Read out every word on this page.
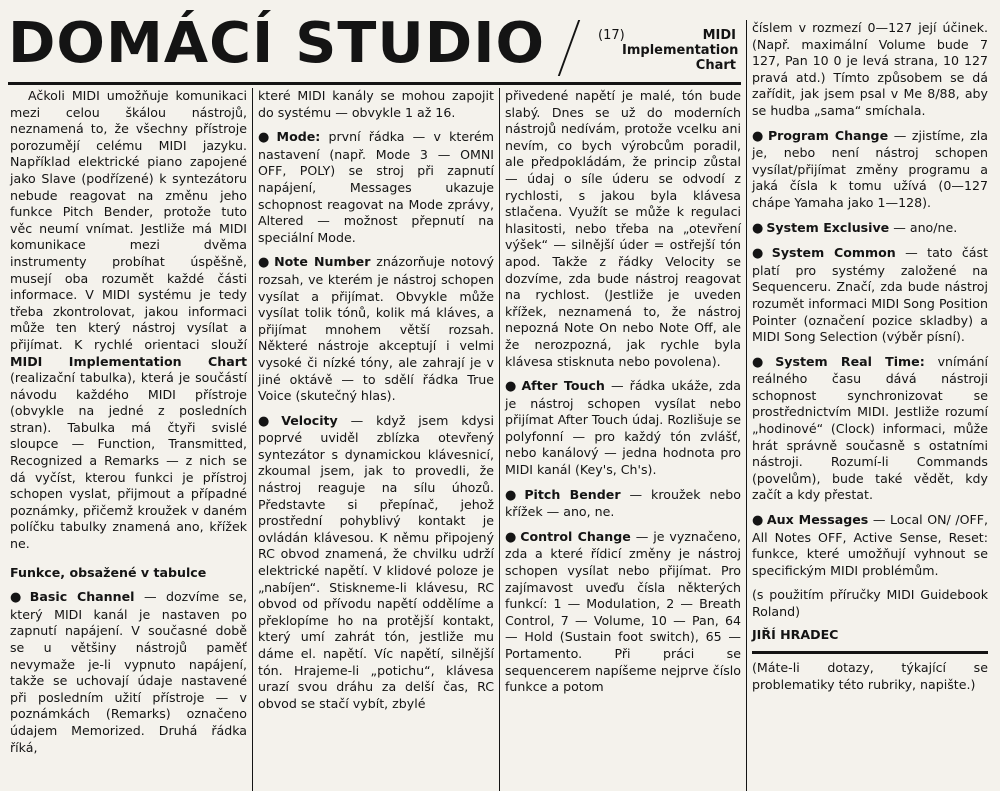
DOMÁCÍ STUDIO	(17)	MIDI Implementation Chart

Ačkoli MIDI umožňuje komunikaci mezi celou škálou nástrojů, neznamená to, že všechny přístroje porozumějí celému MIDI jazyku. Například elektrické piano zapojené jako Slave (podřízené) k syntezátoru nebude reagovat na změnu jeho funkce Pitch Bender, protože tuto věc neumí vnímat. Jestliže má MIDI komunikace mezi dvěma instrumenty probíhat úspěšně, musejí oba rozumět každé části informace. V MIDI systému je tedy třeba zkontrolovat, jakou informaci může ten který nástroj vysílat a přijímat. K rychlé orientaci slouží MIDI Implementation Chart (realizační tabulka), která je součástí návodu každého MIDI přístroje (obvykle na jedné z posledních stran). Tabulka má čtyři svislé sloupce — Function, Transmitted, Recognized a Remarks — z nich se dá vyčíst, kterou funkci je přístroj schopen vyslat, přijmout a případné poznámky, přičemž kroužek v daném políčku tabulky znamená ano, křížek ne.

Funkce, obsažené v tabulce

● Basic Channel — dozvíme se, který MIDI kanál je nastaven po zapnutí napájení. V současné době se u většiny nástrojů paměť nevymaže je-li vypnuto napájení, takže se uchovají údaje nastavené při posledním užití přístroje — v poznámkách (Remarks) označeno údajem Memorized. Druhá řádka říká,

které MIDI kanály se mohou zapojit do systému — obvykle 1 až 16.

● Mode: první řádka — v kterém nastavení (např. Mode 3 — OMNI OFF, POLY) se stroj při zapnutí napájení, Messages ukazuje schopnost reagovat na Mode zprávy, Altered — možnost přepnutí na speciální Mode.

● Note Number znázorňuje notový rozsah, ve kterém je nástroj schopen vysílat a přijímat. Obvykle může vysílat tolik tónů, kolik má kláves, a přijímat mnohem větší rozsah. Některé nástroje akceptují i velmi vysoké či nízké tóny, ale zahrají je v jiné oktávě — to sdělí řádka True Voice (skutečný hlas).

● Velocity — když jsem kdysi poprvé uviděl zblízka otevřený syntezátor s dynamickou klávesnicí, zkoumal jsem, jak to provedli, že nástroj reaguje na sílu úhozů. Představte si přepínač, jehož prostřední pohyblivý kontakt je ovládán klávesou. K němu připojený RC obvod znamená, že chvilku udrží elektrické napětí. V klidové poloze je „nabíjen“. Stiskneme-li klávesu, RC obvod od přívodu napětí oddělíme a překlopíme ho na protější kontakt, který umí zahrát tón, jestliže mu dáme el. napětí. Víc napětí, silnější tón. Hrajeme-li „potichu“, klávesa urazí svou dráhu za delší čas, RC obvod se stačí vybít, zbylé

přivedené napětí je malé, tón bude slabý. Dnes se už do moderních nástrojů nedívám, protože vcelku ani nevím, co bych výrobcům poradil, ale předpokládám, že princip zůstal — údaj o síle úderu se odvodí z rychlosti, s jakou byla klávesa stlačena. Využít se může k regulaci hlasitosti, nebo třeba na „otevření výšek“ — silnější úder = ostřejší tón apod. Takže z řádky Velocity se dozvíme, zda bude nástroj reagovat na rychlost. (Jestliže je uveden křížek, neznamená to, že nástroj nepozná Note On nebo Note Off, ale že nerozpozná, jak rychle byla klávesa stisknuta nebo povolena).

● After Touch — řádka ukáže, zda je nástroj schopen vysílat nebo přijímat After Touch údaj. Rozlišuje se polyfonní — pro každý tón zvlášť, nebo kanálový — jedna hodnota pro MIDI kanál (Key's, Ch's).

● Pitch Bender — kroužek nebo křížek — ano, ne.

● Control Change — je vyznačeno, zda a které řídicí změny je nástroj schopen vysílat nebo přijímat. Pro zajímavost uveďu čísla některých funkcí: 1 — Modulation, 2 — Breath Control, 7 — Volume, 10 — Pan, 64 — Hold (Sustain foot switch), 65 — Portamento. Při práci se sequencerem napíšeme nejprve číslo funkce a potom

číslem v rozmezí 0—127 její účinek. (Např. maximální Volume bude 7 127, Pan 10 0 je levá strana, 10 127 pravá atd.) Tímto způsobem se dá zařídit, jak jsem psal v Me 8/88, aby se hudba „sama“ smíchala.

● Program Change — zjistíme, zla je, nebo není nástroj schopen vysílat/přijímat změny programu a jaká čísla k tomu užívá (0—127 chápe Yamaha jako 1—128).

● System Exclusive — ano/ne.

● System Common — tato část platí pro systémy založené na Sequenceru. Značí, zda bude nástroj rozumět informaci MIDI Song Position Pointer (označení pozice skladby) a MIDI Song Selection (výběr písní).

● System Real Time: vnímání reálného času dává nástroji schopnost synchronizovat se prostřednictvím MIDI. Jestliže rozumí „hodinové“ (Clock) informaci, může hrát správně současně s ostatními nástroji. Rozumí-li Commands (povelům), bude také vědět, kdy začít a kdy přestat.

● Aux Messages — Local ON/ /OFF, All Notes OFF, Active Sense, Reset: funkce, které umožňují vyhnout se specifickým MIDI problémům.

(s použitím příručky MIDI Guidebook Roland)

JIŘÍ HRADEC

(Máte-li dotazy, týkající se problematiky této rubriky, napište.)
